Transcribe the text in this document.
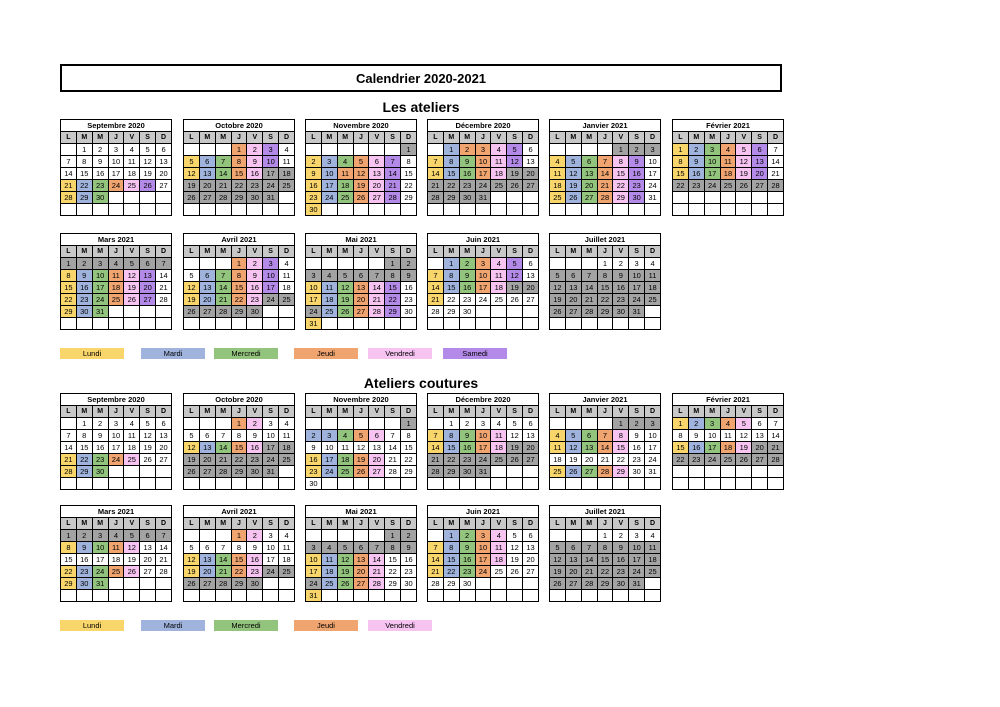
Calendrier 2020-2021
Les ateliers
Ateliers coutures
Septembre 2020						
L	M	M	J	V	S	D
	1	2	3	4	5	6
7	8	9	10	11	12	13
14	15	16	17	18	19	20
21	22	23	24	25	26	27
28	29	30				

Octobre 2020						
L	M	M	J	V	S	D
			1	2	3	4
5	6	7	8	9	10	11
12	13	14	15	16	17	18
19	20	21	22	23	24	25
26	27	28	29	30	31	

Novembre 2020						
L	M	M	J	V	S	D
						1
2	3	4	5	6	7	8
9	10	11	12	13	14	15
16	17	18	19	20	21	22
23	24	25	26	27	28	29
30						
Décembre 2020						
L	M	M	J	V	S	D
	1	2	3	4	5	6
7	8	9	10	11	12	13
14	15	16	17	18	19	20
21	22	23	24	25	26	27
28	29	30	31			

Janvier 2021						
L	M	M	J	V	S	D
				1	2	3
4	5	6	7	8	9	10
11	12	13	14	15	16	17
18	19	20	21	22	23	24
25	26	27	28	29	30	31

Février 2021						
L	M	M	J	V	S	D
1	2	3	4	5	6	7
8	9	10	11	12	13	14
15	16	17	18	19	20	21
22	23	24	25	26	27	28

Mars 2021						
L	M	M	J	V	S	D
1	2	3	4	5	6	7
8	9	10	11	12	13	14
15	16	17	18	19	20	21
22	23	24	25	26	27	28
29	30	31				

Avril 2021						
L	M	M	J	V	S	D
			1	2	3	4
5	6	7	8	9	10	11
12	13	14	15	16	17	18
19	20	21	22	23	24	25
26	27	28	29	30		

Mai 2021						
L	M	M	J	V	S	D
					1	2
3	4	5	6	7	8	9
10	11	12	13	14	15	16
17	18	19	20	21	22	23
24	25	26	27	28	29	30
31						
Juin 2021						
L	M	M	J	V	S	D
	1	2	3	4	5	6
7	8	9	10	11	12	13
14	15	16	17	18	19	20
21	22	23	24	25	26	27
28	29	30				

Juillet 2021						
L	M	M	J	V	S	D
			1	2	3	4
5	6	7	8	9	10	11
12	13	14	15	16	17	18
19	20	21	22	23	24	25
26	27	28	29	30	31	

Lundi	Mardi	Mercredi	Jeudi	Vendredi	Samedi
Septembre 2020						
L	M	M	J	V	S	D
	1	2	3	4	5	6
7	8	9	10	11	12	13
14	15	16	17	18	19	20
21	22	23	24	25	26	27
28	29	30				

Octobre 2020						
L	M	M	J	V	S	D
			1	2	3	4
5	6	7	8	9	10	11
12	13	14	15	16	17	18
19	20	21	22	23	24	25
26	27	28	29	30	31	

Novembre 2020						
L	M	M	J	V	S	D
						1
2	3	4	5	6	7	8
9	10	11	12	13	14	15
16	17	18	19	20	21	22
23	24	25	26	27	28	29
30						
Décembre 2020						
L	M	M	J	V	S	D
	1	2	3	4	5	6
7	8	9	10	11	12	13
14	15	16	17	18	19	20
21	22	23	24	25	26	27
28	29	30	31			

Janvier 2021						
L	M	M	J	V	S	D
				1	2	3
4	5	6	7	8	9	10
11	12	13	14	15	16	17
18	19	20	21	22	23	24
25	26	27	28	29	30	31

Février 2021						
L	M	M	J	V	S	D
1	2	3	4	5	6	7
8	9	10	11	12	13	14
15	16	17	18	19	20	21
22	23	24	25	26	27	28

Mars 2021						
L	M	M	J	V	S	D
1	2	3	4	5	6	7
8	9	10	11	12	13	14
15	16	17	18	19	20	21
22	23	24	25	26	27	28
29	30	31				

Avril 2021						
L	M	M	J	V	S	D
			1	2	3	4
5	6	7	8	9	10	11
12	13	14	15	16	17	18
19	20	21	22	23	24	25
26	27	28	29	30		

Mai 2021						
L	M	M	J	V	S	D
					1	2
3	4	5	6	7	8	9
10	11	12	13	14	15	16
17	18	19	20	21	22	23
24	25	26	27	28	29	30
31						
Juin 2021						
L	M	M	J	V	S	D
	1	2	3	4	5	6
7	8	9	10	11	12	13
14	15	16	17	18	19	20
21	22	23	24	25	26	27
28	29	30				

Juillet 2021						
L	M	M	J	V	S	D
			1	2	3	4
5	6	7	8	9	10	11
12	13	14	15	16	17	18
19	20	21	22	23	24	25
26	27	28	29	30	31	

Lundi	Mardi	Mercredi	Jeudi	Vendredi
